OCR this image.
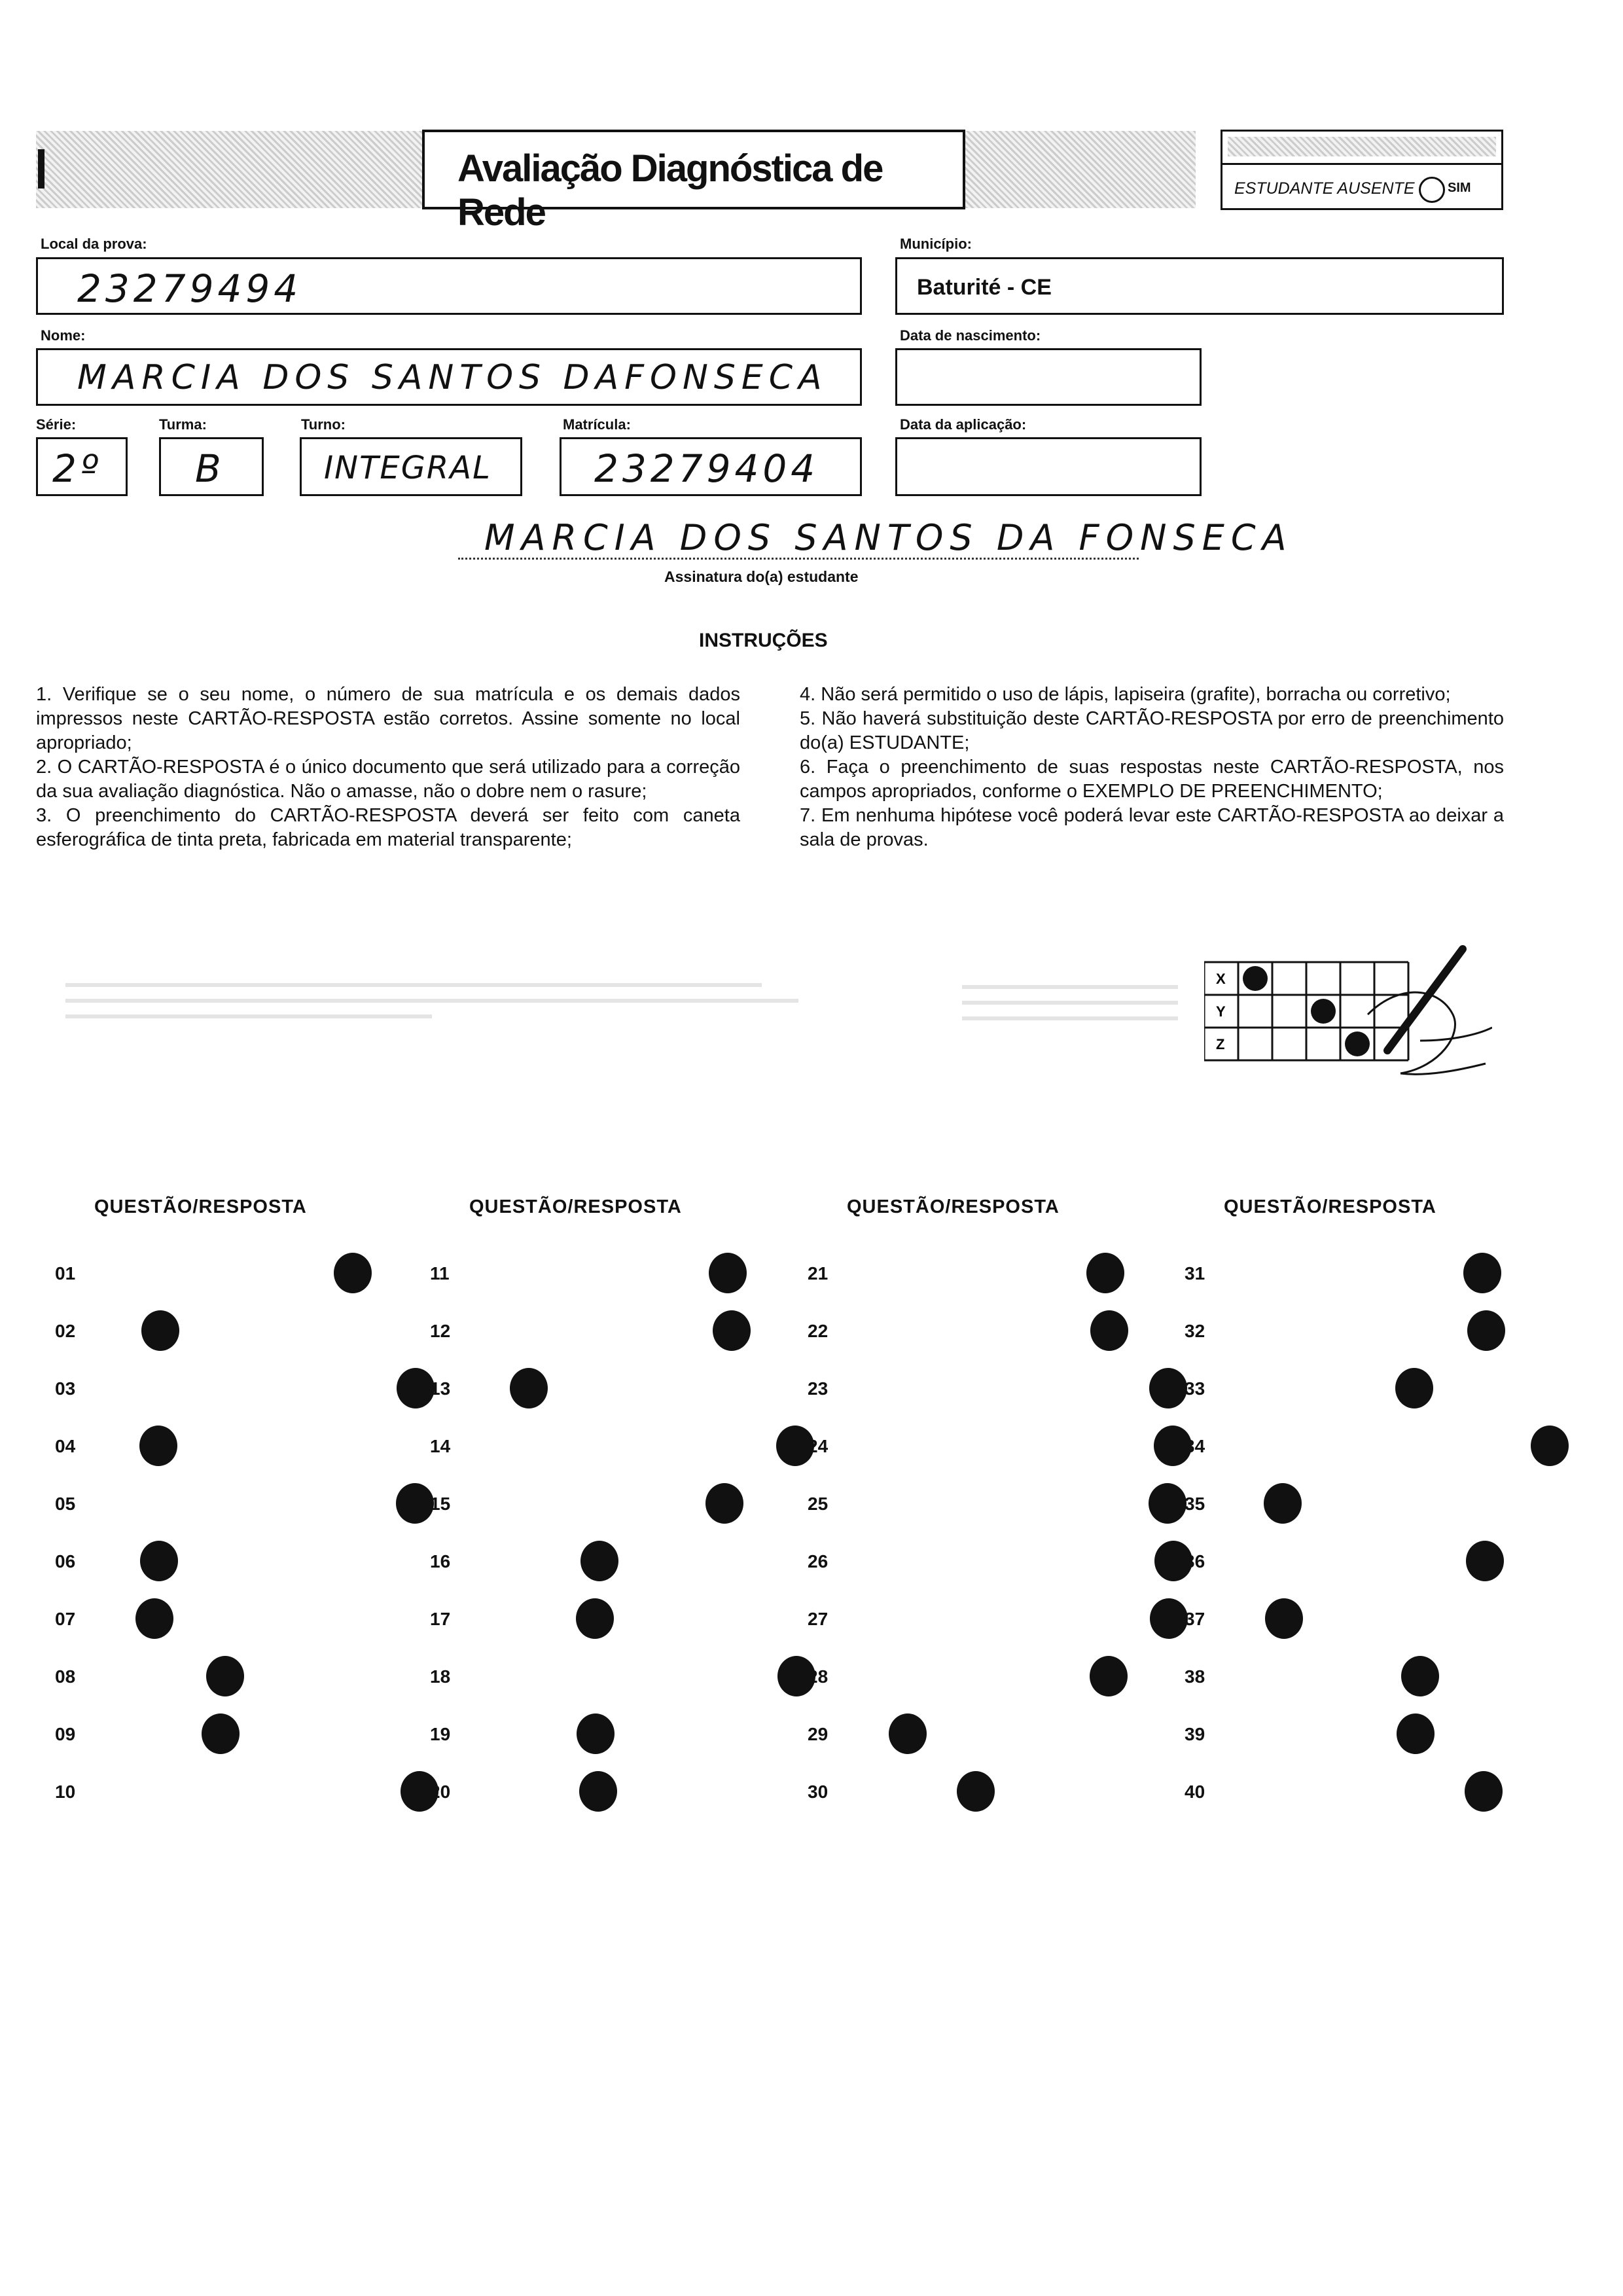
Avaliação Diagnóstica de Rede
ESTUDANTE AUSENTE	SIM
Local da prova:
23279494
Município:
Baturité - CE
Nome:
MARCIA DOS SANTOS DAFONSECA
Data de nascimento:
Série:
2º
Turma:
B
Turno:
INTEGRAL
Matrícula:
23279404
Data da aplicação:
MARCIA DOS SANTOS DA FONSECA
Assinatura do(a) estudante
INSTRUÇÕES

1. Verifique se o seu nome, o número de sua matrícula e os demais dados impressos neste CARTÃO-RESPOSTA estão corretos. Assine somente no local apropriado;

2. O CARTÃO-RESPOSTA é o único documento que será utilizado para a correção da sua avaliação diagnóstica. Não o amasse, não o dobre nem o rasure;

3. O preenchimento do CARTÃO-RESPOSTA deverá ser feito com caneta esferográfica de tinta preta, fabricada em material transparente;

4. Não será permitido o uso de lápis, lapiseira (grafite), borracha ou corretivo;

5. Não haverá substituição deste CARTÃO-RESPOSTA por erro de preenchimento do(a) ESTUDANTE;

6. Faça o preenchimento de suas respostas neste CARTÃO-RESPOSTA, nos campos apropriados, conforme o EXEMPLO DE PREENCHIMENTO;

7. Em nenhuma hipótese você poderá levar este CARTÃO-RESPOSTA ao deixar a sala de provas.

X
Y
Z
QUESTÃO/RESPOSTA
01
02
03
04
05
06
07
08
09
10
QUESTÃO/RESPOSTA
11
12
13
14
15
16
17
18
19
20
QUESTÃO/RESPOSTA
21
22
23
24
25
26
27
28
29
30
QUESTÃO/RESPOSTA
31
32
33
34
35
36
37
38
39
40
